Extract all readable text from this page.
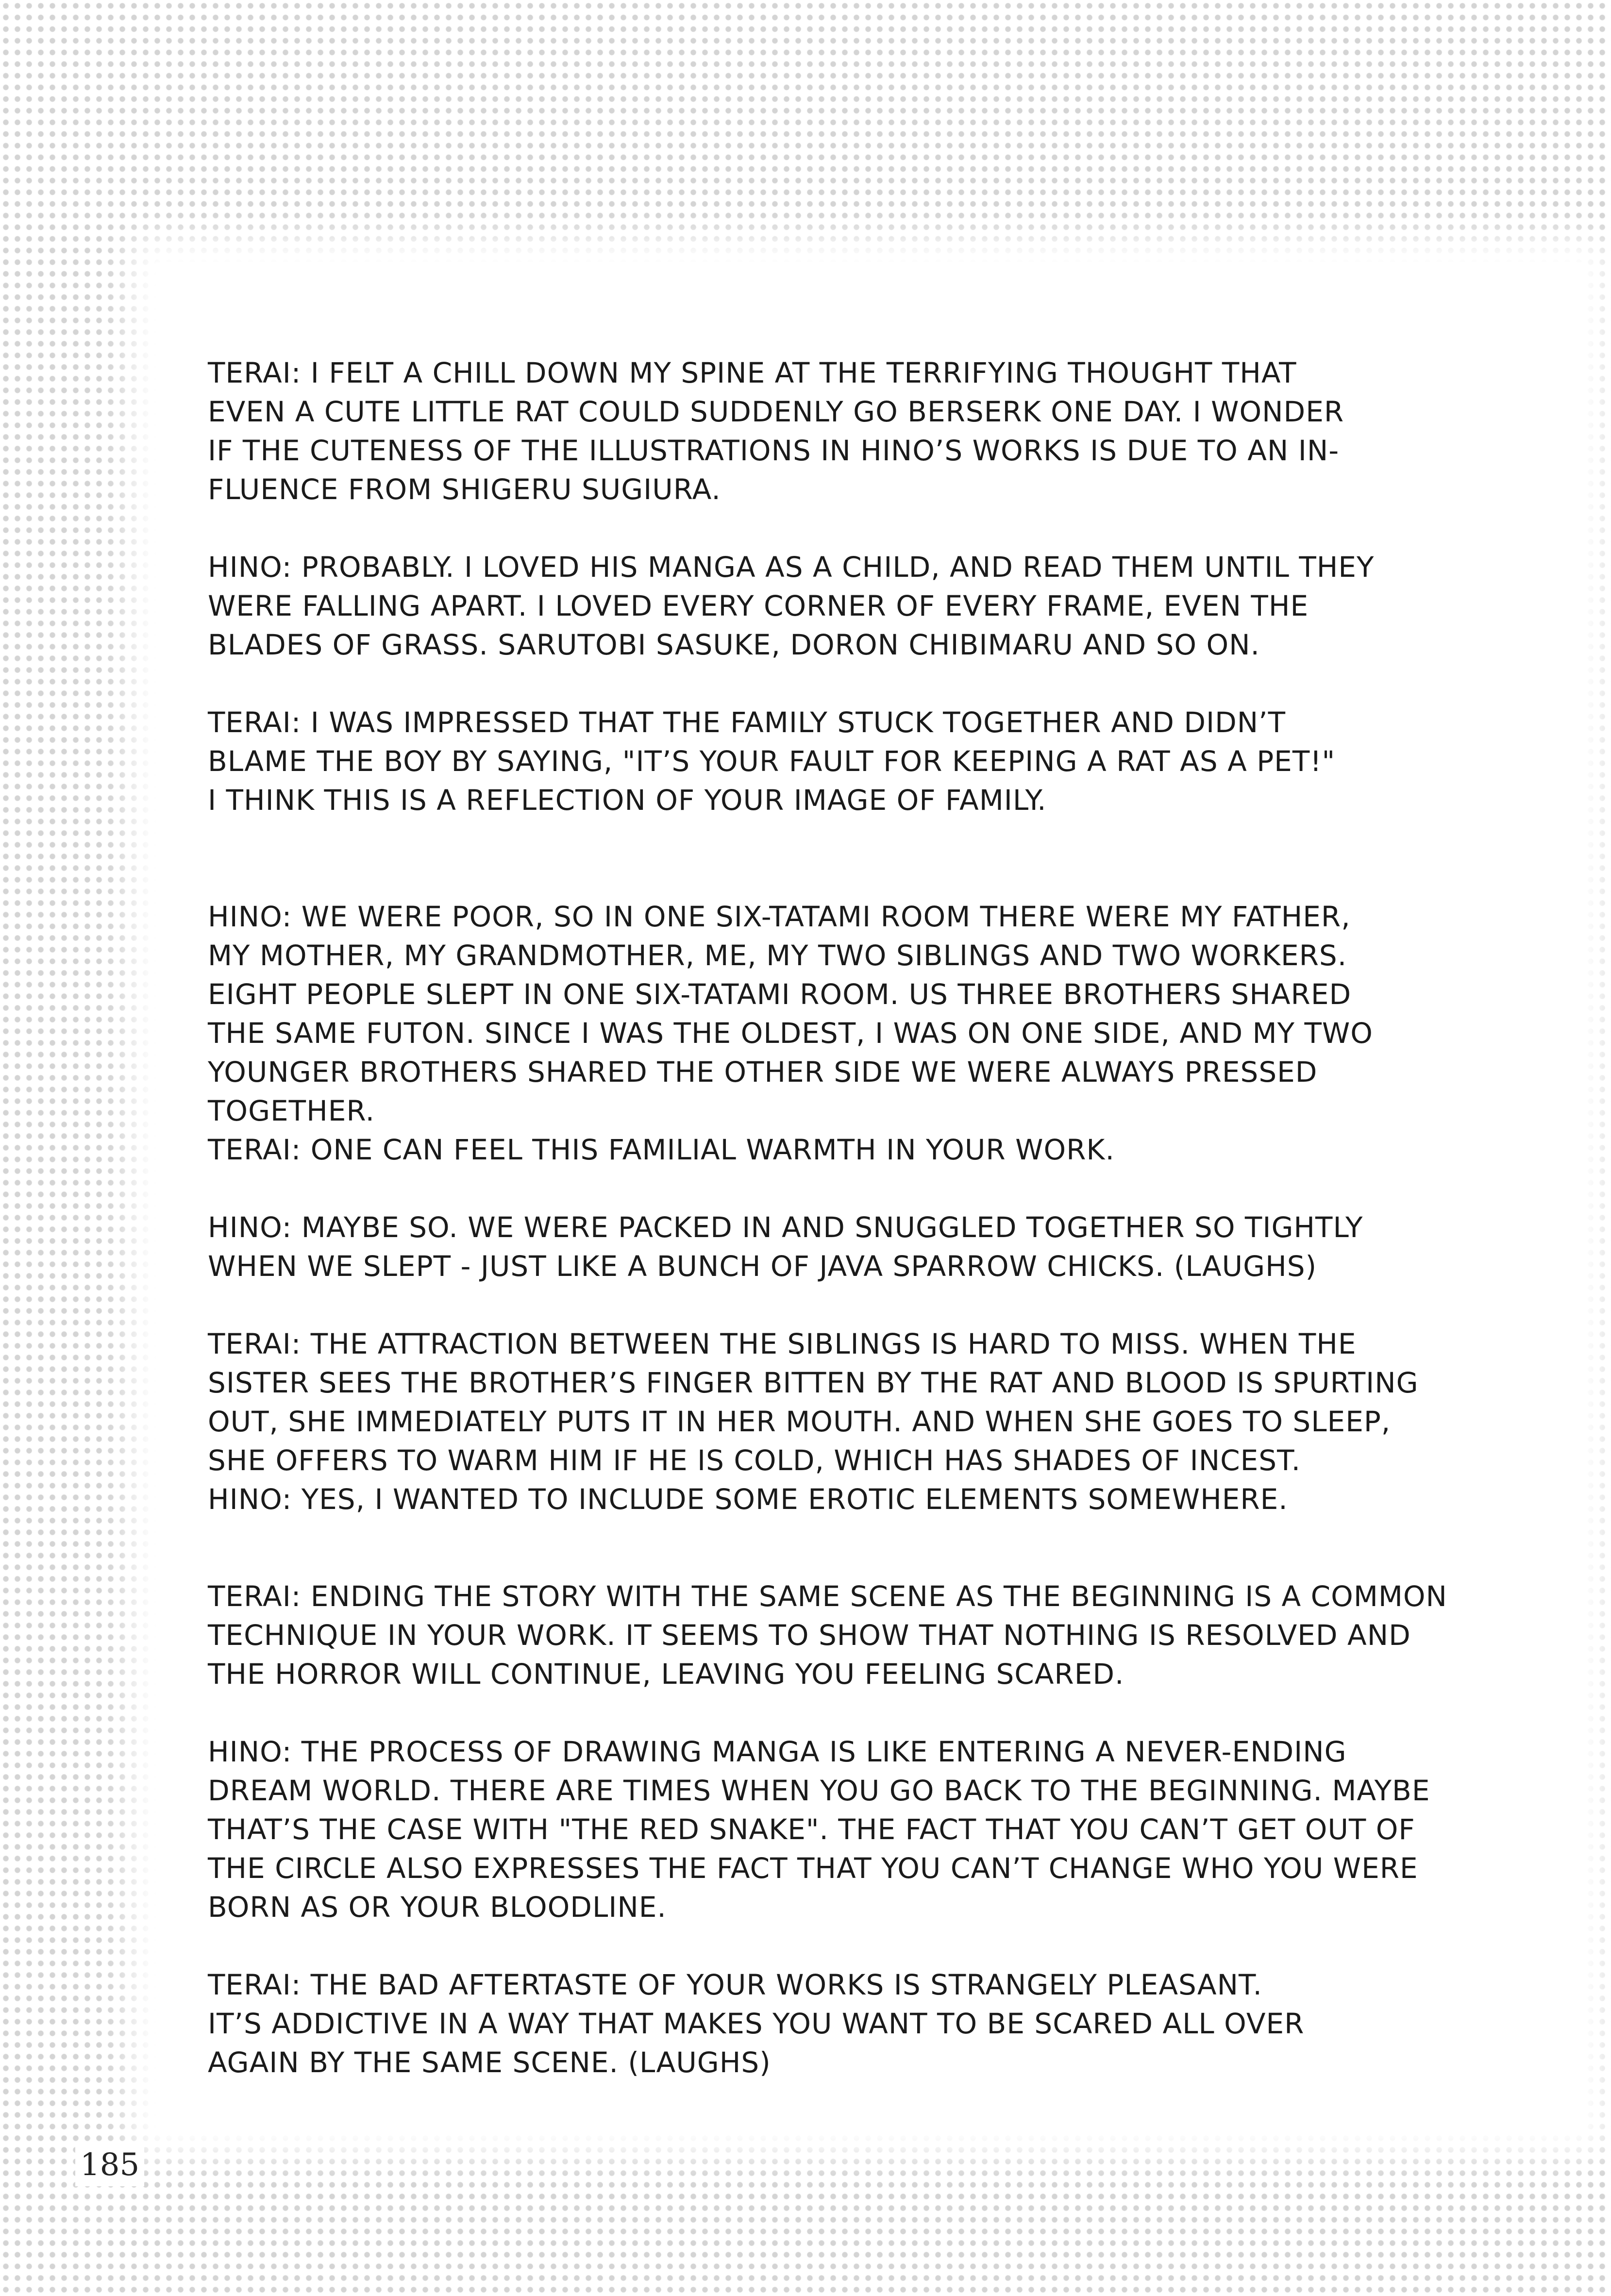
TERAI: I FELT A CHILL DOWN MY SPINE AT THE TERRIFYING THOUGHT THAT
EVEN A CUTE LITTLE RAT COULD SUDDENLY GO BERSERK ONE DAY. I WONDER
IF THE CUTENESS OF THE ILLUSTRATIONS IN HINO’S WORKS IS DUE TO AN IN-
FLUENCE FROM SHIGERU SUGIURA.

HINO: PROBABLY. I LOVED HIS MANGA AS A CHILD, AND READ THEM UNTIL THEY
WERE FALLING APART. I LOVED EVERY CORNER OF EVERY FRAME, EVEN THE
BLADES OF GRASS. SARUTOBI SASUKE, DORON CHIBIMARU AND SO ON.

TERAI: I WAS IMPRESSED THAT THE FAMILY STUCK TOGETHER AND DIDN’T
BLAME THE BOY BY SAYING, "IT’S YOUR FAULT FOR KEEPING A RAT AS A PET!"
I THINK THIS IS A REFLECTION OF YOUR IMAGE OF FAMILY.

HINO: WE WERE POOR, SO IN ONE SIX-TATAMI ROOM THERE WERE MY FATHER,
MY MOTHER, MY GRANDMOTHER, ME, MY TWO SIBLINGS AND TWO WORKERS.
EIGHT PEOPLE SLEPT IN ONE SIX-TATAMI ROOM. US THREE BROTHERS SHARED
THE SAME FUTON. SINCE I WAS THE OLDEST, I WAS ON ONE SIDE, AND MY TWO
YOUNGER BROTHERS SHARED THE OTHER SIDE WE WERE ALWAYS PRESSED
TOGETHER.

TERAI: ONE CAN FEEL THIS FAMILIAL WARMTH IN YOUR WORK.

HINO: MAYBE SO. WE WERE PACKED IN AND SNUGGLED TOGETHER SO TIGHTLY
WHEN WE SLEPT - JUST LIKE A BUNCH OF JAVA SPARROW CHICKS. (LAUGHS)

TERAI: THE ATTRACTION BETWEEN THE SIBLINGS IS HARD TO MISS. WHEN THE
SISTER SEES THE BROTHER’S FINGER BITTEN BY THE RAT AND BLOOD IS SPURTING
OUT, SHE IMMEDIATELY PUTS IT IN HER MOUTH. AND WHEN SHE GOES TO SLEEP,
SHE OFFERS TO WARM HIM IF HE IS COLD, WHICH HAS SHADES OF INCEST.

HINO: YES, I WANTED TO INCLUDE SOME EROTIC ELEMENTS SOMEWHERE.

TERAI: ENDING THE STORY WITH THE SAME SCENE AS THE BEGINNING IS A COMMON
TECHNIQUE IN YOUR WORK. IT SEEMS TO SHOW THAT NOTHING IS RESOLVED AND
THE HORROR WILL CONTINUE, LEAVING YOU FEELING SCARED.

HINO: THE PROCESS OF DRAWING MANGA IS LIKE ENTERING A NEVER-ENDING
DREAM WORLD. THERE ARE TIMES WHEN YOU GO BACK TO THE BEGINNING. MAYBE
THAT’S THE CASE WITH "THE RED SNAKE". THE FACT THAT YOU CAN’T GET OUT OF
THE CIRCLE ALSO EXPRESSES THE FACT THAT YOU CAN’T CHANGE WHO YOU WERE
BORN AS OR YOUR BLOODLINE.

TERAI: THE BAD AFTERTASTE OF YOUR WORKS IS STRANGELY PLEASANT.
IT’S ADDICTIVE IN A WAY THAT MAKES YOU WANT TO BE SCARED ALL OVER
AGAIN BY THE SAME SCENE. (LAUGHS)

185
